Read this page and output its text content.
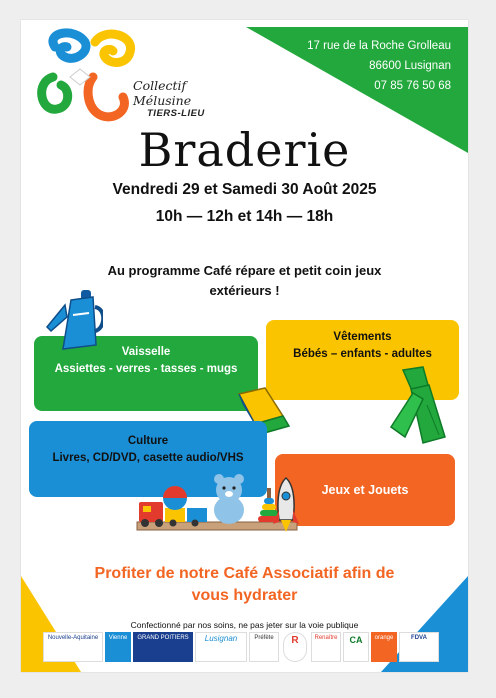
Collectif Mélusine
TIERS-LIEU
17 rue de la Roche Grolleau
86600 Lusignan
07 85 76 50 68
Braderie
Vendredi 29 et Samedi 30 Août 2025
10h — 12h et 14h — 18h
Au programme Café répare et petit coin jeux
extérieurs !
Vaisselle
Assiettes - verres - tasses - mugs
Vêtements
Bébés – enfants - adultes
Culture
Livres, CD/DVD, casette audio/VHS
Jeux et Jouets
Profiter de notre Café Associatif afin de
vous hydrater
Confectionné par nos soins, ne pas jeter sur la voie publique
Nouvelle-Aquitaine	Vienne	GRAND POITIERS	Lusignan	Préfète	R	Renaître	CA	orange	FDVA
